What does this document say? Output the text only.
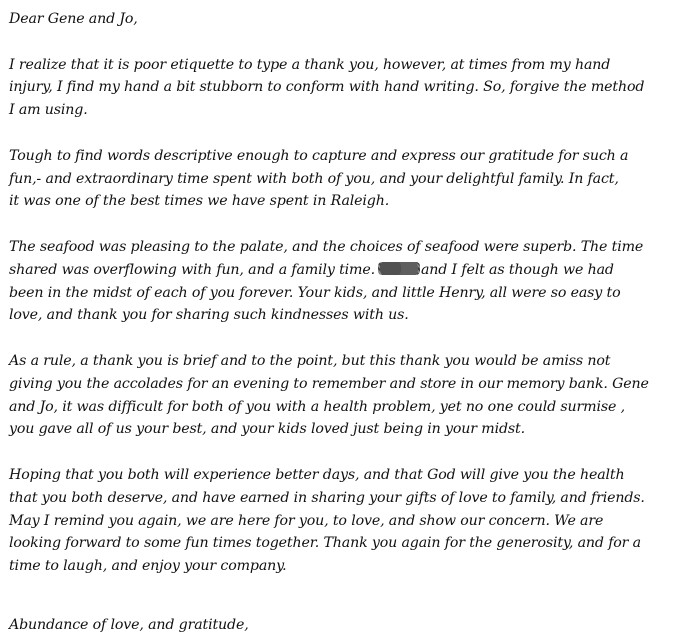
Dear Gene and Jo,
I realize that it is poor etiquette to type a thank you, however, at times from my hand
injury, I find my hand a bit stubborn to conform with hand writing. So, forgive the method
I am using.
Tough to find words descriptive enough to capture and express our gratitude for such a
fun,- and extraordinary time spent with both of you, and your delightful family. In fact,
it was one of the best times we have spent in Raleigh.
The seafood was pleasing to the palate, and the choices of seafood were superb. The time
shared was overflowing with fun, and a family time.	and I felt as though we had
been in the midst of each of you forever. Your kids, and little Henry, all were so easy to
love, and thank you for sharing such kindnesses with us.
As a rule, a thank you is brief and to the point, but this thank you would be amiss not
giving you the accolades for an evening to remember and store in our memory bank. Gene
and Jo, it was difficult for both of you with a health problem, yet no one could surmise ,
you gave all of us your best, and your kids loved just being in your midst.
Hoping that you both will experience better days, and that God will give you the health
that you both deserve, and have earned in sharing your gifts of love to family, and friends.
May I remind you again, we are here for you, to love, and show our concern. We are
looking forward to some fun times together. Thank you again for the generosity, and for a
time to laugh, and enjoy your company.
Abundance of love, and gratitude,
